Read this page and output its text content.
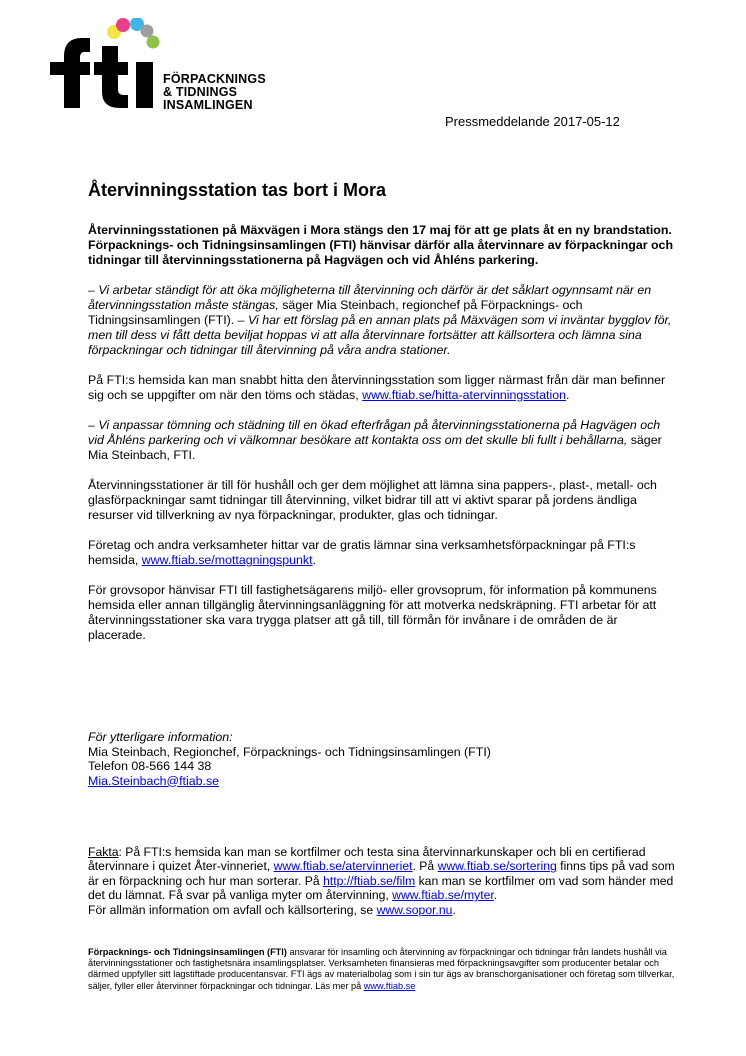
FÖRPACKNINGS
& TIDNINGS
INSAMLINGEN
Pressmeddelande 2017-05-12
Återvinningsstation tas bort i Mora

Återvinningsstationen på Mäxvägen i Mora stängs den 17 maj för att ge plats åt en ny brandstation. Förpacknings- och Tidningsinsamlingen (FTI) hänvisar därför alla återvinnare av förpackningar och tidningar till återvinningsstationerna på Hagvägen och vid Åhléns parkering.

– Vi arbetar ständigt för att öka möjligheterna till återvinning och därför är det såklart ogynnsamt när en återvinningsstation måste stängas, säger Mia Steinbach, regionchef på Förpacknings- och Tidningsinsamlingen (FTI). – Vi har ett förslag på en annan plats på Mäxvägen som vi inväntar bygglov för, men till dess vi fått detta beviljat hoppas vi att alla återvinnare fortsätter att källsortera och lämna sina förpackningar och tidningar till återvinning på våra andra stationer.

På FTI:s hemsida kan man snabbt hitta den återvinningsstation som ligger närmast från där man befinner sig och se uppgifter om när den töms och städas, www.ftiab.se/hitta-atervinningsstation.

– Vi anpassar tömning och städning till en ökad efterfrågan på återvinningsstationerna på Hagvägen och vid Åhléns parkering och vi välkomnar besökare att kontakta oss om det skulle bli fullt i behållarna, säger Mia Steinbach, FTI.

Återvinningsstationer är till för hushåll och ger dem möjlighet att lämna sina pappers-, plast-, metall- och glasförpackningar samt tidningar till återvinning, vilket bidrar till att vi aktivt sparar på jordens ändliga resurser vid tillverkning av nya förpackningar, produkter, glas och tidningar.

Företag och andra verksamheter hittar var de gratis lämnar sina verksamhetsförpackningar på FTI:s hemsida, www.ftiab.se/mottagningspunkt.

För grovsopor hänvisar FTI till fastighetsägarens miljö- eller grovsoprum, för information på kommunens hemsida eller annan tillgänglig återvinningsanläggning för att motverka nedskräpning. FTI arbetar för att återvinningsstationer ska vara trygga platser att gå till, till förmån för invånare i de områden de är placerade.

För ytterligare information:
Mia Steinbach, Regionchef, Förpacknings- och Tidningsinsamlingen (FTI)
Telefon 08-566 144 38
Mia.Steinbach@ftiab.se
Fakta: På FTI:s hemsida kan man se kortfilmer och testa sina återvinnarkunskaper och bli en certifierad återvinnare i quizet Åter-vinneriet, www.ftiab.se/atervinneriet. På www.ftiab.se/sortering finns tips på vad som är en förpackning och hur man sorterar. På http://ftiab.se/film kan man se kortfilmer om vad som händer med det du lämnat. Få svar på vanliga myter om återvinning, www.ftiab.se/myter.
För allmän information om avfall och källsortering, se www.sopor.nu.
Förpacknings- och Tidningsinsamlingen (FTI) ansvarar för insamling och återvinning av förpackningar och tidningar från landets hushåll via återvinningsstationer och fastighetsnära insamlingsplatser. Verksamheten finansieras med förpackningsavgifter som producenter betalar och därmed uppfyller sitt lagstiftade producentansvar. FTI ägs av materialbolag som i sin tur ägs av branschorganisationer och företag som tillverkar, säljer, fyller eller återvinner förpackningar och tidningar. Läs mer på www.ftiab.se
